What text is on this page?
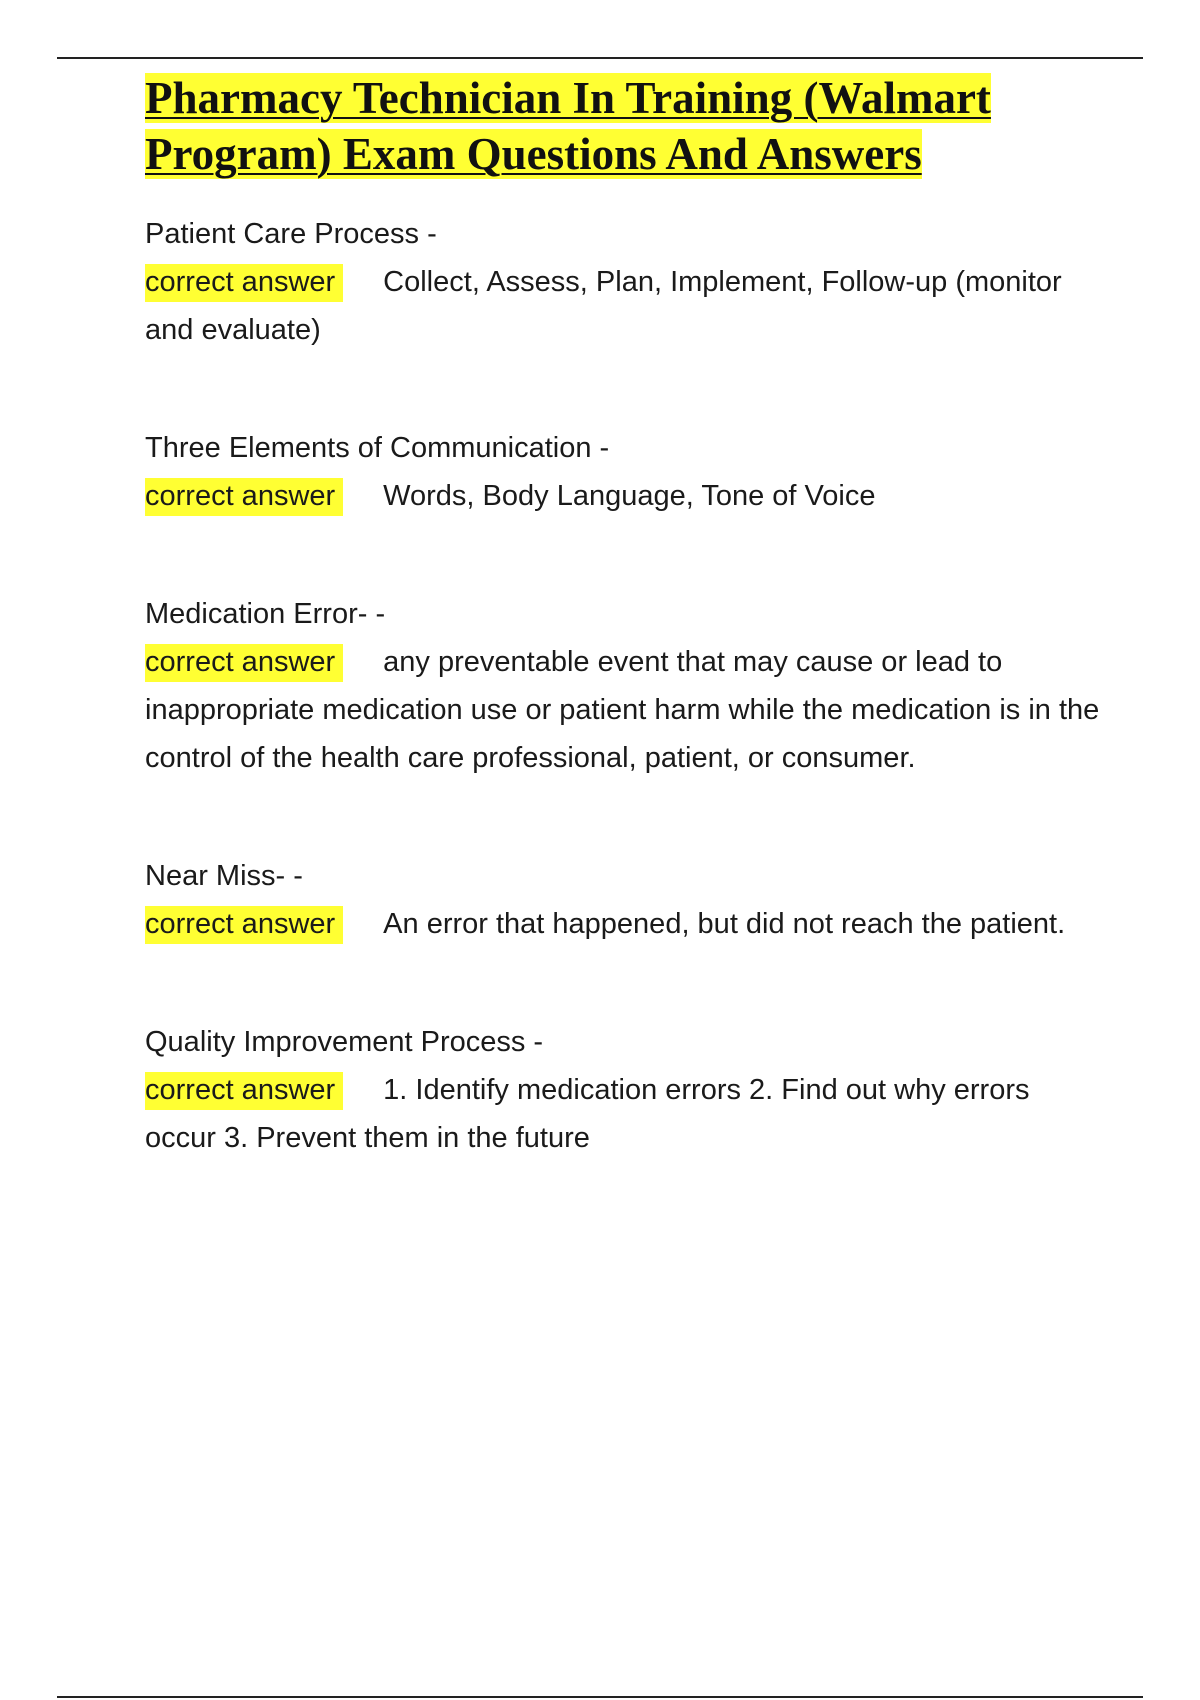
Pharmacy Technician In Training (Walmart Program) Exam Questions And Answers
Patient Care Process -
correct answer Collect, Assess, Plan, Implement, Follow-up (monitor and evaluate)
Three Elements of Communication -
correct answer Words, Body Language, Tone of Voice
Medication Error- -
correct answer any preventable event that may cause or lead to inappropriate medication use or patient harm while the medication is in the control of the health care professional, patient, or consumer.
Near Miss- -
correct answer An error that happened, but did not reach the patient.
Quality Improvement Process -
correct answer 1. Identify medication errors 2. Find out why errors occur 3. Prevent them in the future
